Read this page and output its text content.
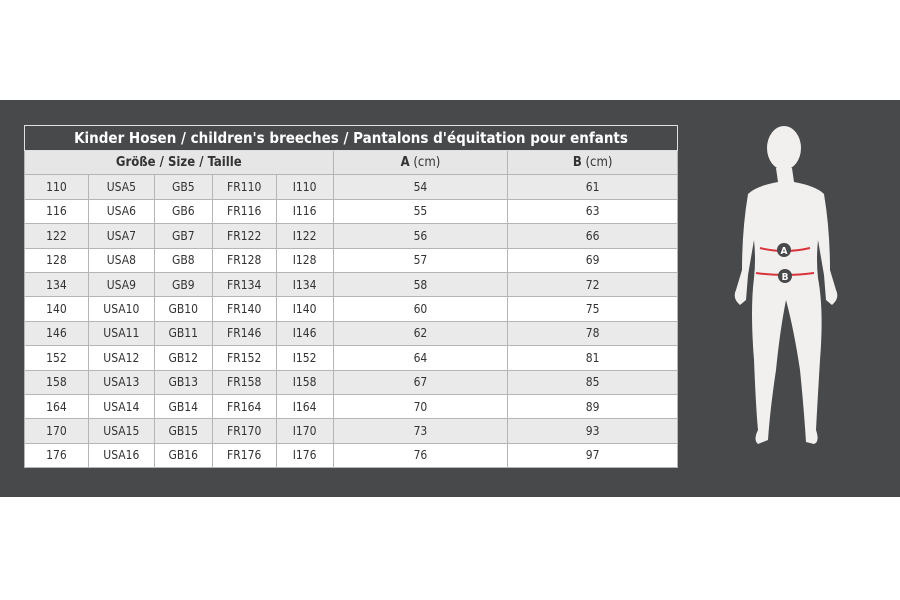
Kinder Hosen / children's breeches / Pantalons d'équitation pour enfants						
Größe / Size / Taille					A (cm)	B (cm)
110	USA5	GB5	FR110	I110	54	61
116	USA6	GB6	FR116	I116	55	63
122	USA7	GB7	FR122	I122	56	66
128	USA8	GB8	FR128	I128	57	69
134	USA9	GB9	FR134	I134	58	72
140	USA10	GB10	FR140	I140	60	75
146	USA11	GB11	FR146	I146	62	78
152	USA12	GB12	FR152	I152	64	81
158	USA13	GB13	FR158	I158	67	85
164	USA14	GB14	FR164	I164	70	89
170	USA15	GB15	FR170	I170	73	93
176	USA16	GB16	FR176	I176	76	97
A
B
